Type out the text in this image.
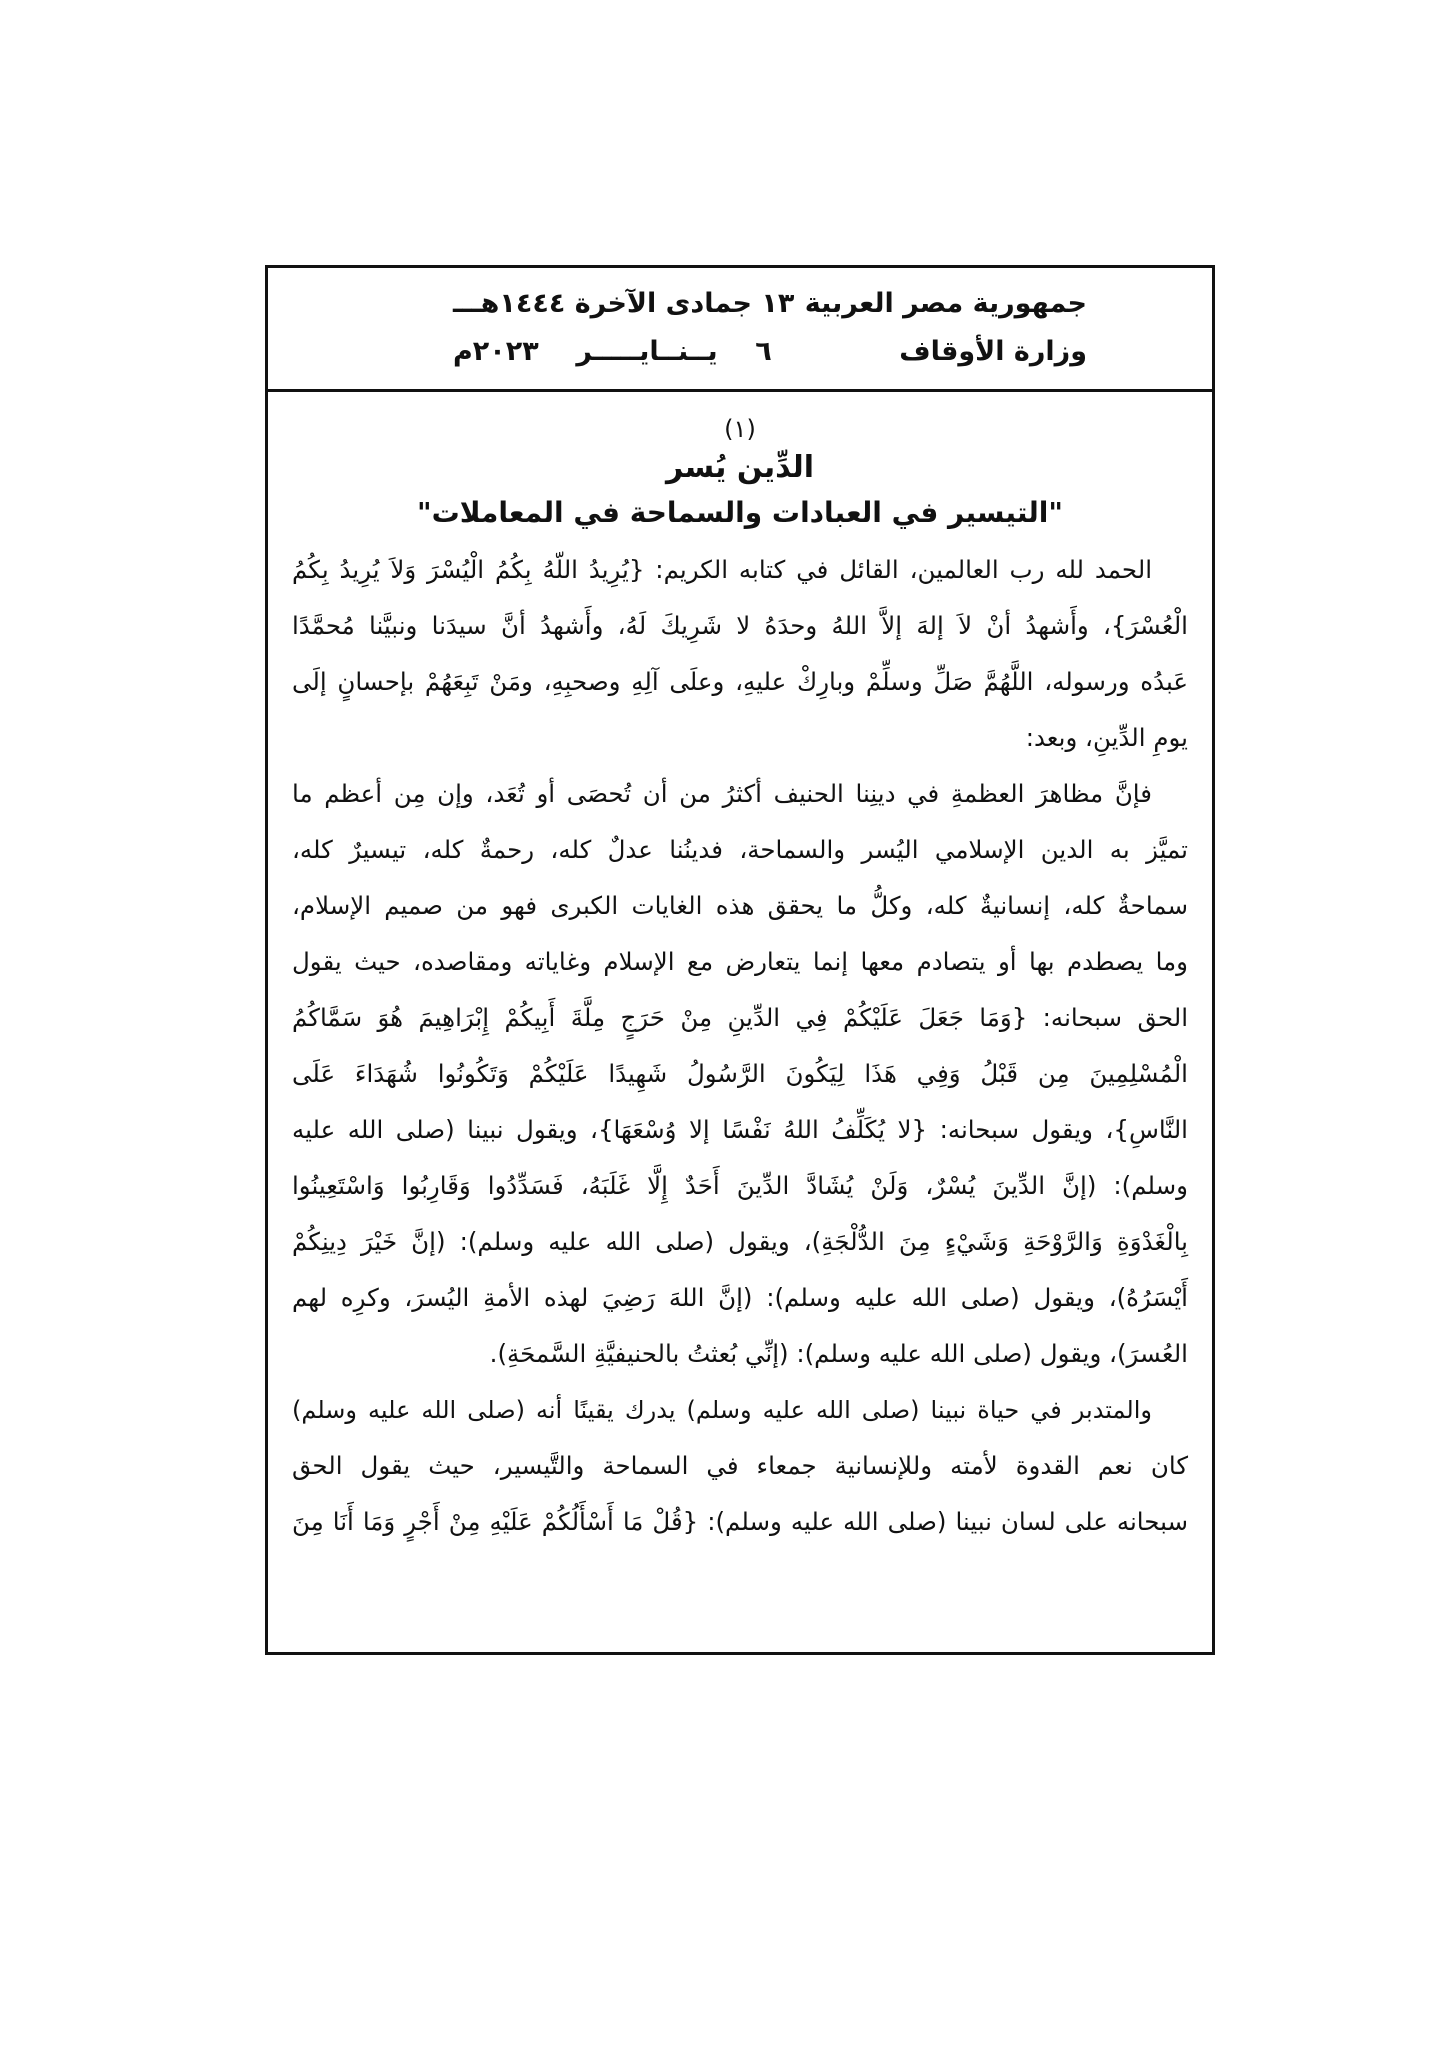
جمهورية مصر العربية
١٣ جمادى الآخرة ١٤٤٤هـــ
وزارة الأوقاف
٦    يــنــايـــــر    ٢٠٢٣م
(١)
الدِّين يُسر
"التيسير في العبادات والسماحة في المعاملات"
الحمد لله رب العالمين، القائل في كتابه الكريم: {يُرِيدُ اللّهُ بِكُمُ الْيُسْرَ وَلاَ يُرِيدُ بِكُمُ
الْعُسْرَ}، وأَشهدُ أنْ لاَ إلهَ إلاَّ اللهُ وحدَهُ لا شَرِيكَ لَهُ، وأَشهدُ أنَّ سيدَنا ونبيَّنا مُحمَّدًا
عَبدُه ورسوله، اللَّهُمَّ صَلِّ وسلِّمْ وبارِكْ عليهِ، وعلَى آلِهِ وصحبِهِ، ومَنْ تَبِعَهُمْ بإحسانٍ إلَى
يومِ الدِّينِ، وبعد:
فإنَّ مظاهرَ العظمةِ في دينِنا الحنيف أكثرُ من أن تُحصَى أو تُعَد، وإن مِن أعظم ما
تميَّز به الدين الإسلامي اليُسر والسماحة، فدينُنا عدلٌ كله، رحمةٌ كله، تيسيرٌ كله،
سماحةٌ كله، إنسانيةٌ كله، وكلُّ ما يحقق هذه الغايات الكبرى فهو من صميم الإسلام،
وما يصطدم بها أو يتصادم معها إنما يتعارض مع الإسلام وغاياته ومقاصده، حيث يقول
الحق سبحانه: {وَمَا جَعَلَ عَلَيْكُمْ فِي الدِّينِ مِنْ حَرَجٍ مِلَّةَ أَبِيكُمْ إِبْرَاهِيمَ هُوَ سَمَّاكُمُ
الْمُسْلِمِينَ مِن قَبْلُ وَفِي هَذَا لِيَكُونَ الرَّسُولُ شَهِيدًا عَلَيْكُمْ وَتَكُونُوا شُهَدَاءَ عَلَى
النَّاسِ}، ويقول سبحانه: {لا يُكَلِّفُ اللهُ نَفْسًا إلا وُسْعَهَا}، ويقول نبينا (صلى الله عليه
وسلم): (إنَّ الدِّينَ يُسْرٌ، وَلَنْ يُشَادَّ الدِّينَ أَحَدٌ إِلَّا غَلَبَهُ، فَسَدِّدُوا وَقَارِبُوا وَاسْتَعِينُوا
بِالْغَدْوَةِ وَالرَّوْحَةِ وَشَيْءٍ مِنَ الدُّلْجَةِ)، ويقول (صلى الله عليه وسلم): (إنَّ خَيْرَ دِينِكُمْ
أَيْسَرُهُ)، ويقول (صلى الله عليه وسلم): (إنَّ اللهَ رَضِيَ لهذه الأمةِ اليُسرَ، وكرِه لهم
العُسرَ)، ويقول (صلى الله عليه وسلم): (إنِّي بُعثتُ بالحنيفيَّةِ السَّمحَةِ).
والمتدبر في حياة نبينا (صلى الله عليه وسلم) يدرك يقينًا أنه (صلى الله عليه وسلم)
كان نعم القدوة لأمته وللإنسانية جمعاء في السماحة والتَّيسير، حيث يقول الحق
سبحانه على لسان نبينا (صلى الله عليه وسلم): {قُلْ مَا أَسْأَلُكُمْ عَلَيْهِ مِنْ أَجْرٍ وَمَا أَنَا مِنَ
